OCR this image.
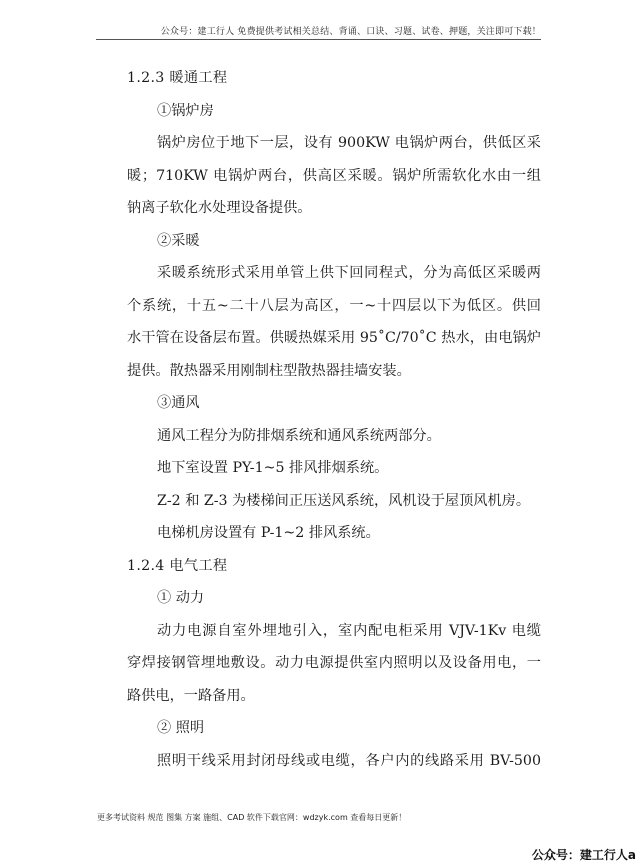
公众号：建工行人 免费提供考试相关总结、背诵、口诀、习题、试卷、押题，关注即可下载！
1.2.3 暖通工程
①锅炉房
锅炉房位于地下一层，设有 900KW 电锅炉两台，供低区采
暖；710KW 电锅炉两台，供高区采暖。锅炉所需软化水由一组
钠离子软化水处理设备提供。
②采暖
采暖系统形式采用单管上供下回同程式，分为高低区采暖两
个系统，十五~二十八层为高区，一~十四层以下为低区。供回
水干管在设备层布置。供暖热媒采用 95˚C/70˚C 热水，由电锅炉
提供。散热器采用刚制柱型散热器挂墙安装。
③通风
通风工程分为防排烟系统和通风系统两部分。
地下室设置 PY-1~5 排风排烟系统。
Z-2 和 Z-3 为楼梯间正压送风系统，风机设于屋顶风机房。
电梯机房设置有 P-1~2 排风系统。
1.2.4 电气工程
① 动力
动力电源自室外埋地引入，室内配电柜采用 VJV-1Kv 电缆
穿焊接钢管埋地敷设。动力电源提供室内照明以及设备用电，一
路供电，一路备用。
② 照明
照明干线采用封闭母线或电缆，各户内的线路采用 BV-500
更多考试资料 规范 图集 方案 施组、CAD 软件下载官网：wdzyk.com 查看每日更新！
公众号：建工行人a
